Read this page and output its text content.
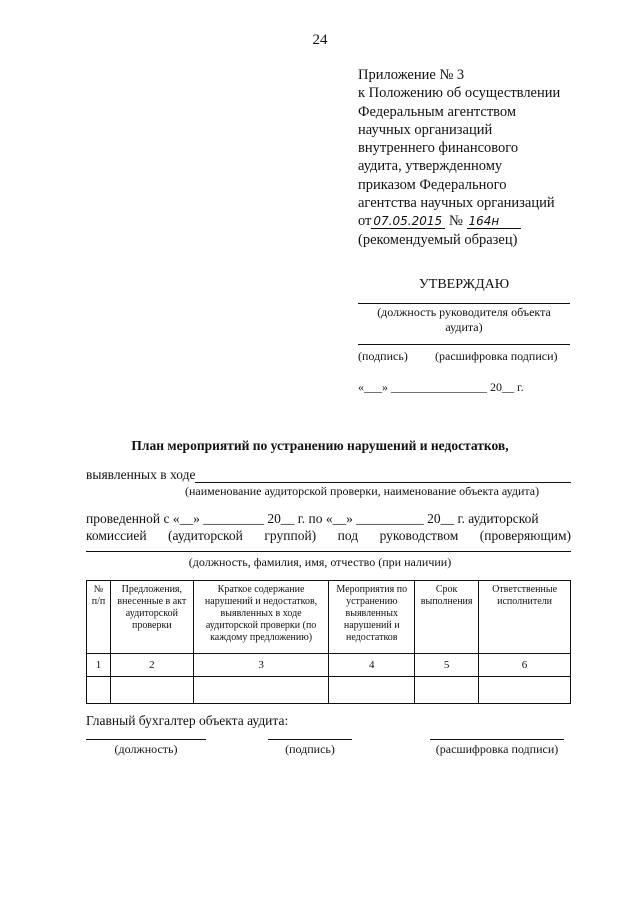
24
Приложение № 3
к Положению об осуществлении
Федеральным агентством
научных организаций
внутреннего финансового
аудита, утвержденному
приказом Федерального
агентства научных организаций
от 07.05.2015 № 164н
(рекомендуемый образец)
УТВЕРЖДАЮ
(должность руководителя объекта аудита)
(подпись) (расшифровка подписи)
«___» ________________ 20__ г.
План мероприятий по устранению нарушений и недостатков,
выявленных в ходе
(наименование аудиторской проверки, наименование объекта аудита)
проведенной с «__» _________ 20__ г. по «__» __________ 20__ г. аудиторской
комиссией (аудиторской группой) под руководством (проверяющим)
(должность, фамилия, имя, отчество (при наличии)
№ п/п	Предложения, внесенные в акт аудиторской проверки	Краткое содержание нарушений и недостатков, выявленных в ходе аудиторской проверки (по каждому предложению)	Мероприятия по устранению выявленных нарушений и недостатков	Срок выполнения	Ответственные исполнители
1	2	3	4	5	6

Главный бухгалтер объекта аудита:
(должность)	(подпись)	(расшифровка подписи)
